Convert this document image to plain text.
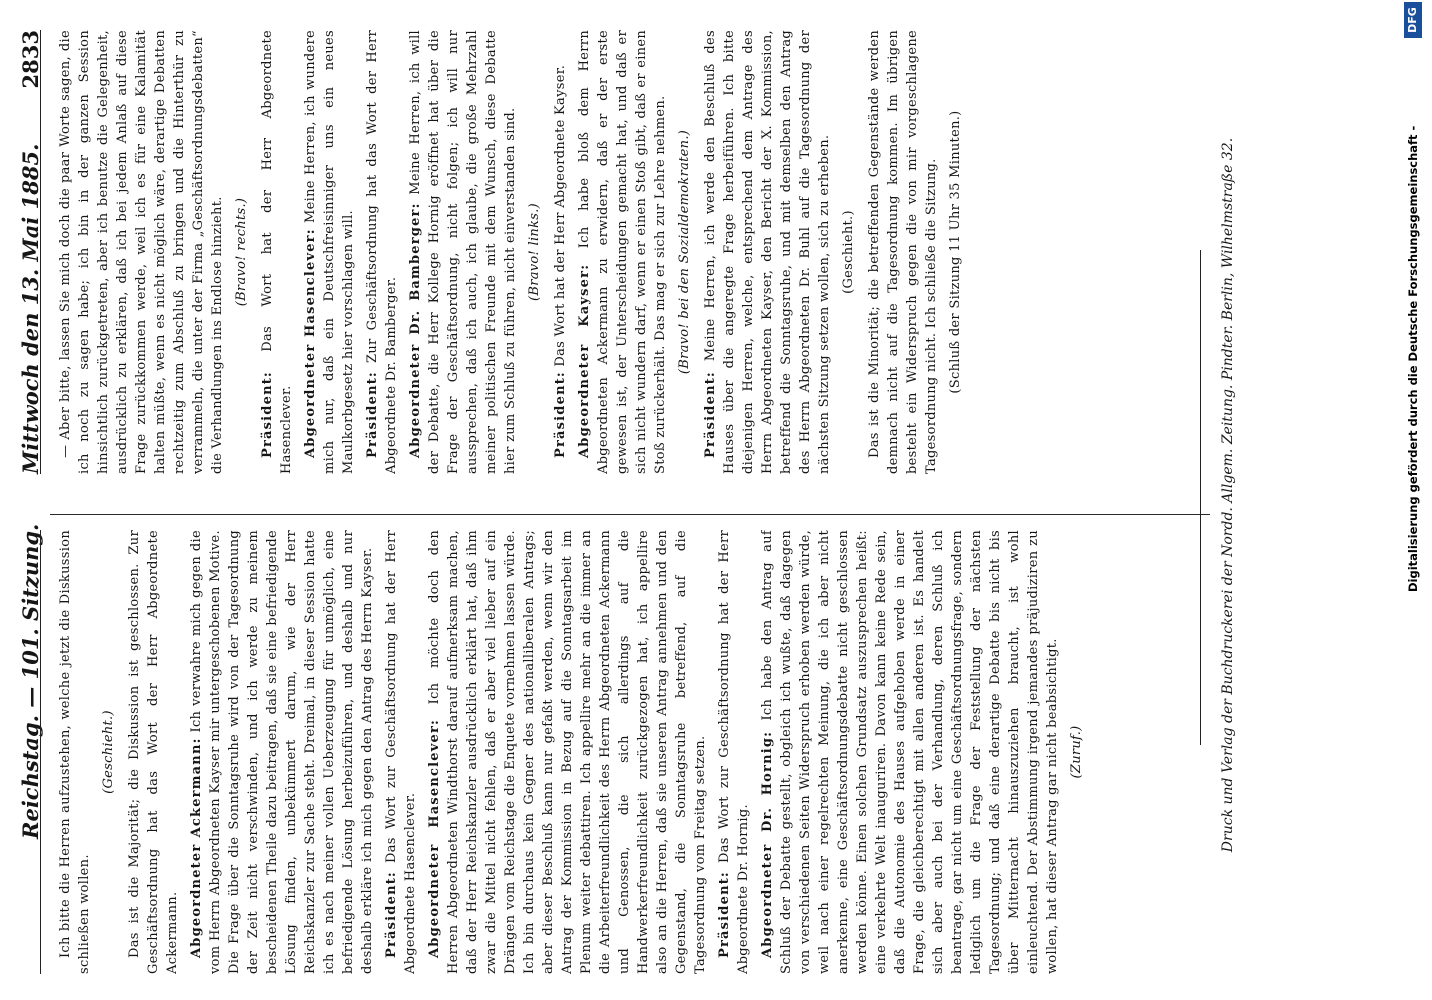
Reichstag. — 101. Sitzung. Ich bitte die Herren aufzustehen, welche jetzt die Diskussion schließen wollen.

(Geschieht.) Das ist die Majorität; die Diskussion ist geschlossen. Zur Geschäftsordnung hat das Wort der Herr Abgeordnete Ackermann. Abgeordneter Ackermann: Ich verwahre mich gegen die vom Herrn Abgeordneten Kayser mir untergeschobenen Motive. Die Frage über die Sonntagsruhe wird von der Tagesordnung der Zeit nicht verschwinden, und ich werde zu meinem bescheidenen Theile dazu beitragen, daß sie eine befriedigende Lösung finden, unbekümmert darum, wie der Herr Reichskanzler zur Sache steht. Dreimal, in dieser Session hatte ich es nach meiner vollen Ueberzeugung für unmöglich, eine befriedigende Lösung herbeizuführen, und deshalb und nur deshalb erkläre ich mich gegen den Antrag des Herrn Kayser. Präsident: Das Wort zur Geschäftsordnung hat der Herr Abgeordnete Hasenclever. Abgeordneter Hasenclever: Ich möchte doch den Herren Abgeordneten Windthorst darauf aufmerksam machen, daß der Herr Reichskanzler ausdrücklich erklärt hat, daß ihm zwar die Mittel nicht fehlen, daß er aber viel lieber auf ein Drängen vom Reichstage die Enquete vornehmen lassen würde. Ich bin durchaus kein Gegner des nationalliberalen Antrags; aber dieser Beschluß kann nur gefaßt werden, wenn wir den Antrag der Kommission in Bezug auf die Sonntagsarbeit im Plenum weiter debattiren. Ich appellire mehr an die immer an die Arbeiterfreundlichkeit des Herrn Abgeordneten Ackermann und Genossen, die sich allerdings auf die Handwerkerfreundlichkeit zurückgezogen hat, ich appellire also an die Herren, daß sie unseren Antrag annehmen und den Gegenstand, die Sonntagsruhe betreffend, auf die Tagesordnung vom Freitag setzen. Präsident: Das Wort zur Geschäftsordnung hat der Herr Abgeordnete Dr. Hornig. Abgeordneter Dr. Hornig: Ich habe den Antrag auf Schluß der Debatte gestellt, obgleich ich wußte, daß dagegen von verschiedenen Seiten Widerspruch erhoben werden würde, weil nach einer regelrechten Meinung, die ich aber nicht anerkenne, eine Geschäftsordnungsdebatte nicht geschlossen werden könne. Einen solchen Grundsatz auszusprechen heißt: eine verkehrte Welt inauguriren. Davon kann keine Rede sein, daß die Autonomie des Hauses aufgehoben werde in einer Frage, die gleichberechtigt mit allen anderen ist. Es handelt sich aber auch bei der Verhandlung, deren Schluß ich beantrage, gar nicht um eine Geschäftsordnungsfrage, sondern lediglich um die Frage der Feststellung der nächsten Tagesordnung; und daß eine derartige Debatte bis nicht bis über Mitternacht hinauszuziehen braucht, ist wohl einleuchtend. Der Abstimmung irgend jemandes präjudiziren zu wollen, hat dieser Antrag gar nicht beabsichtigt. (Zuruf.)

Mittwoch den 13. Mai 1885.
2833 — Aber bitte, lassen Sie mich doch die paar Worte sagen, die ich noch zu sagen habe; ich bin in der ganzen Session hinsichtlich zurückgetreten, aber ich benutze die Gelegenheit, ausdrücklich zu erklären, daß ich bei jedem Anlaß auf diese Frage zurückkommen werde, weil ich es für eine Kalamität halten müßte, wenn es nicht möglich wäre, derartige Debatten rechtzeitig zum Abschluß zu bringen und die Hinterthür zu verrammeln, die unter der Firma „Geschäftsordnungsdebatten“ die Verhandlungen ins Endlose hinzieht. (Bravo! rechts.)

Präsident: Das Wort hat der Herr Abgeordnete Hasenclever. Abgeordneter Hasenclever: Meine Herren, ich wundere mich nur, daß ein Deutschfreisinniger uns ein neues Maulkorbgesetz hier vorschlagen will. Präsident: Zur Geschäftsordnung hat das Wort der Herr Abgeordnete Dr. Bamberger. Abgeordneter Dr. Bamberger: Meine Herren, ich will der Debatte, die Herr Kollege Hornig eröffnet hat über die Frage der Geschäftsordnung, nicht folgen; ich will nur aussprechen, daß ich auch, ich glaube, die große Mehrzahl meiner politischen Freunde mit dem Wunsch, diese Debatte hier zum Schluß zu führen, nicht einverstanden sind. (Bravo! links.)

Präsident: Das Wort hat der Herr Abgeordnete Kayser. Abgeordneter Kayser: Ich habe bloß dem Herrn Abgeordneten Ackermann zu erwidern, daß er der erste gewesen ist, der Unterscheidungen gemacht hat, und daß er sich nicht wundern darf, wenn er einen Stoß gibt, daß er einen Stoß zurückerhält. Das mag er sich zur Lehre nehmen. (Bravo! bei den Sozialdemokraten.)

Präsident: Meine Herren, ich werde den Beschluß des Hauses über die angeregte Frage herbeiführen. Ich bitte diejenigen Herren, welche, entsprechend dem Antrage des Herrn Abgeordneten Kayser, den Bericht der X. Kommission, betreffend die Sonntagsruhe, und mit demselben den Antrag des Herrn Abgeordneten Dr. Buhl auf die Tagesordnung der nächsten Sitzung setzen wollen, sich zu erheben. (Geschieht.) Das ist die Minorität; die betreffenden Gegenstände werden demnach nicht auf die Tagesordnung kommen. Im übrigen besteht ein Widerspruch gegen die von mir vorgeschlagene Tagesordnung nicht. Ich schließe die Sitzung. (Schluß der Sitzung 11 Uhr 35 Minuten.)	Druck und Verlag der Buchdruckerei der Nordd. Allgem. Zeitung. Pindter. Berlin, Wilhelmstraße 32.	Digitalisierung gefördert durch die Deutsche Forschungsgemeinschaft -
DFG
